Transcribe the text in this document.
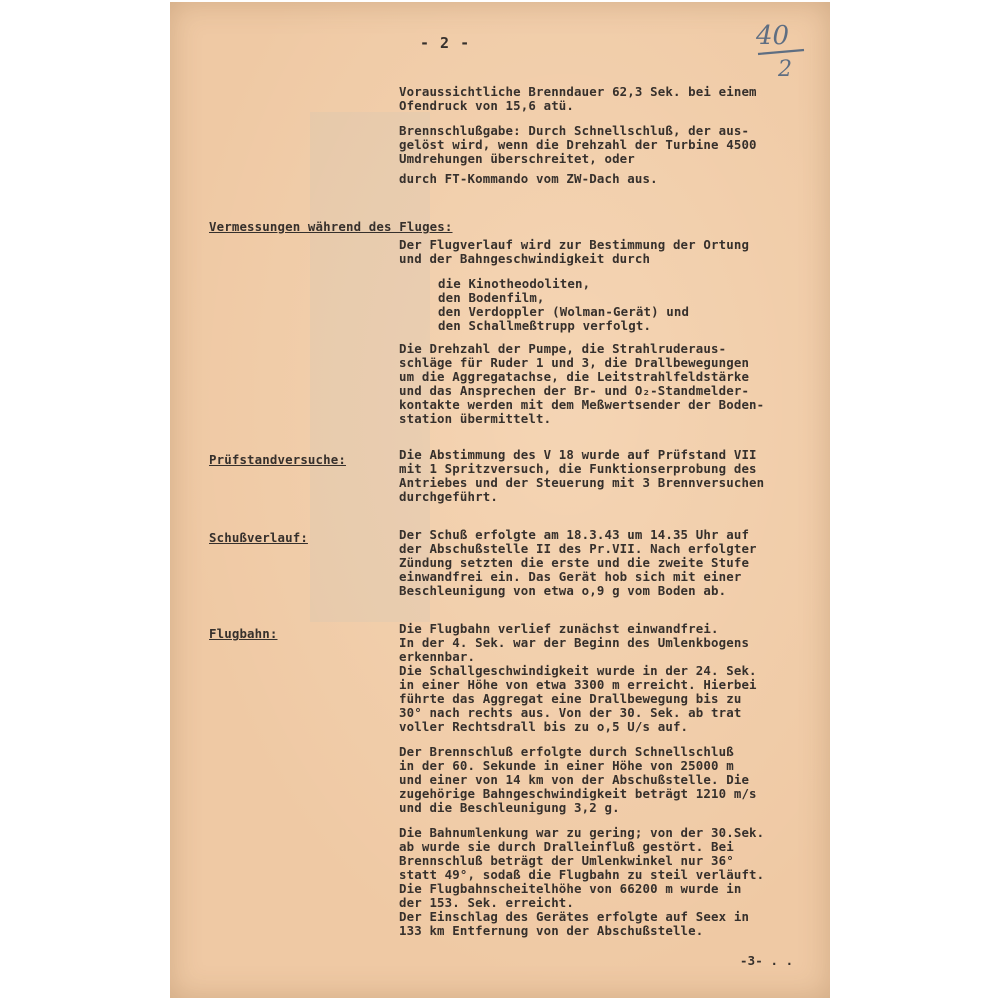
40
2
- 2 -
Voraussichtliche Brenndauer 62,3 Sek. bei einem
Ofendruck von 15,6 atü.
Brennschlußgabe: Durch Schnellschluß, der aus-
gelöst wird, wenn die Drehzahl der Turbine 4500
Umdrehungen überschreitet, oder
durch FT-Kommando vom ZW-Dach aus.
Vermessungen während des Fluges:
Der Flugverlauf wird zur Bestimmung der Ortung
und der Bahngeschwindigkeit durch
die Kinotheodoliten,
den Bodenfilm,
den Verdoppler (Wolman-Gerät) und
den Schallmeßtrupp verfolgt.
Die Drehzahl der Pumpe, die Strahlruderaus-
schläge für Ruder 1 und 3, die Drallbewegungen
um die Aggregatachse, die Leitstrahlfeldstärke
und das Ansprechen der Br- und O₂-Standmelder-
kontakte werden mit dem Meßwertsender der Boden-
station übermittelt.
Prüfstandversuche:	Die Abstimmung des V 18 wurde auf Prüfstand VII
mit 1 Spritzversuch, die Funktionserprobung des
Antriebes und der Steuerung mit 3 Brennversuchen
durchgeführt.
Schußverlauf:	Der Schuß erfolgte am 18.3.43 um 14.35 Uhr auf
der Abschußstelle II des Pr.VII. Nach erfolgter
Zündung setzten die erste und die zweite Stufe
einwandfrei ein. Das Gerät hob sich mit einer
Beschleunigung von etwa o,9 g vom Boden ab.
Flugbahn:	Die Flugbahn verlief zunächst einwandfrei.
In der 4. Sek. war der Beginn des Umlenkbogens
erkennbar.
Die Schallgeschwindigkeit wurde in der 24. Sek.
in einer Höhe von etwa 3300 m erreicht. Hierbei
führte das Aggregat eine Drallbewegung bis zu
30° nach rechts aus. Von der 30. Sek. ab trat
voller Rechtsdrall bis zu o,5 U/s auf.
Der Brennschluß erfolgte durch Schnellschluß
in der 60. Sekunde in einer Höhe von 25000 m
und einer von 14 km von der Abschußstelle. Die
zugehörige Bahngeschwindigkeit beträgt 1210 m/s
und die Beschleunigung 3,2 g.
Die Bahnumlenkung war zu gering; von der 30.Sek.
ab wurde sie durch Dralleinfluß gestört. Bei
Brennschluß beträgt der Umlenkwinkel nur 36°
statt 49°, sodaß die Flugbahn zu steil verläuft.
Die Flugbahnscheitelhöhe von 66200 m wurde in
der 153. Sek. erreicht.
Der Einschlag des Gerätes erfolgte auf Seex in
133 km Entfernung von der Abschußstelle.
-3- . .
